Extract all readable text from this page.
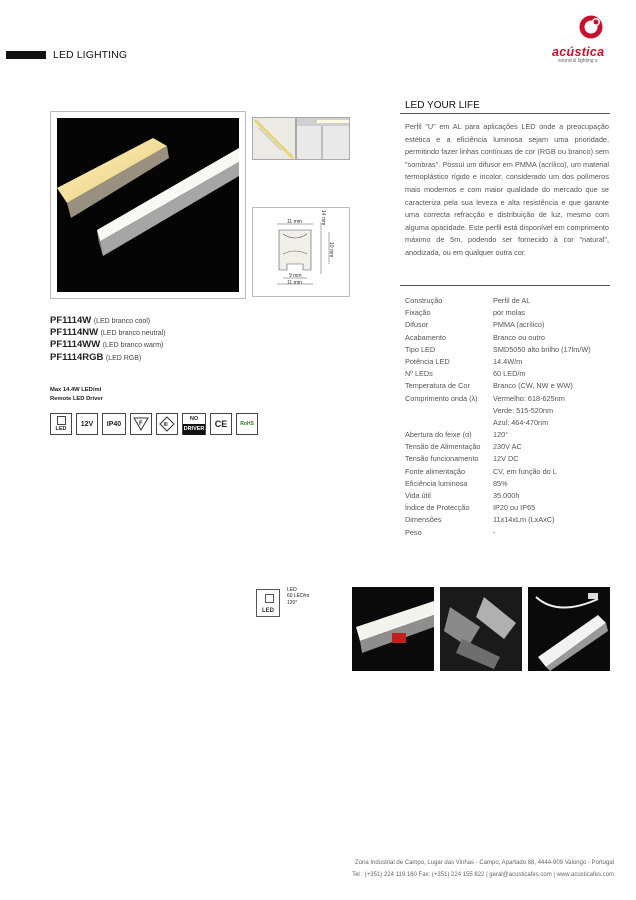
LED LIGHTING	acústica
sound & lighting s
11 mm
9 mm
11 mm
14 mm
10 mm
LED YOUR LIFE
Perfil "U" em AL para aplicações LED onde a preocupação estética e a eficiência luminosa sejam uma prioridade, permitindo fazer linhas contínuas de cor (RGB ou branco) sem "sombras". Possui um difusor em PMMA (acrílico), um material termoplástico rígido e incolor, considerado um dos polímeros mais modernos e com maior qualidade do mercado que se caracteriza pela sua leveza e alta resistência e que garante uma correcta refracção e distribuição de luz, mesmo com alguma opacidade. Este perfil está disponível em comprimento máximo de 5m, podendo ser fornecido à cor "natural", anodizada, ou em qualquer outra cor.
Construção	Perfil de AL
Fixação	por molas
Difusor	PMMA (acrílico)
Acabamento	Branco ou outro
Tipo LED	SMD5050 alto brilho (17lm/W)
Potência LED	14.4W/m
Nº LEDs	60 LED/m
Temperatura de Cor	Branco (CW, NW e WW)
Comprimento onda (λ)	Vermelho: 618-625nm
Verde: 515-520nm
Azul: 464-470nm
Abertura do feixe (α)	120°
Tensão de Alimentação	230V AC
Tensão funcionamento	12V DC
Fonte alimentação	CV, em função do L
Eficiência luminosa	85%
Vida útil	35.000h
Índice de Protecção	IP20 ou IP65
Dimensões	11x14xLm (LxAxC)
Peso	-
PF1114W (LED branco cool)
PF1114NW (LED branco neutral)
PF1114WW (LED branco warm)
PF1114RGB (LED RGB)
Max 14.4W LED/ml
Remote LED Driver
LED
12V	IP40	F	III
NO
DRIVER	CE	RoHS
LED
LED
60 LED/m
120°
Zona Industrial de Campo, Lugar das Vinhas - Campo, Apartado 88, 4444-909 Valongo - Portugal
Tel : (+351) 224 119 160 Fax: (+351) 224 155 822 | geral@acusticafes.com | www.acusticafes.com
